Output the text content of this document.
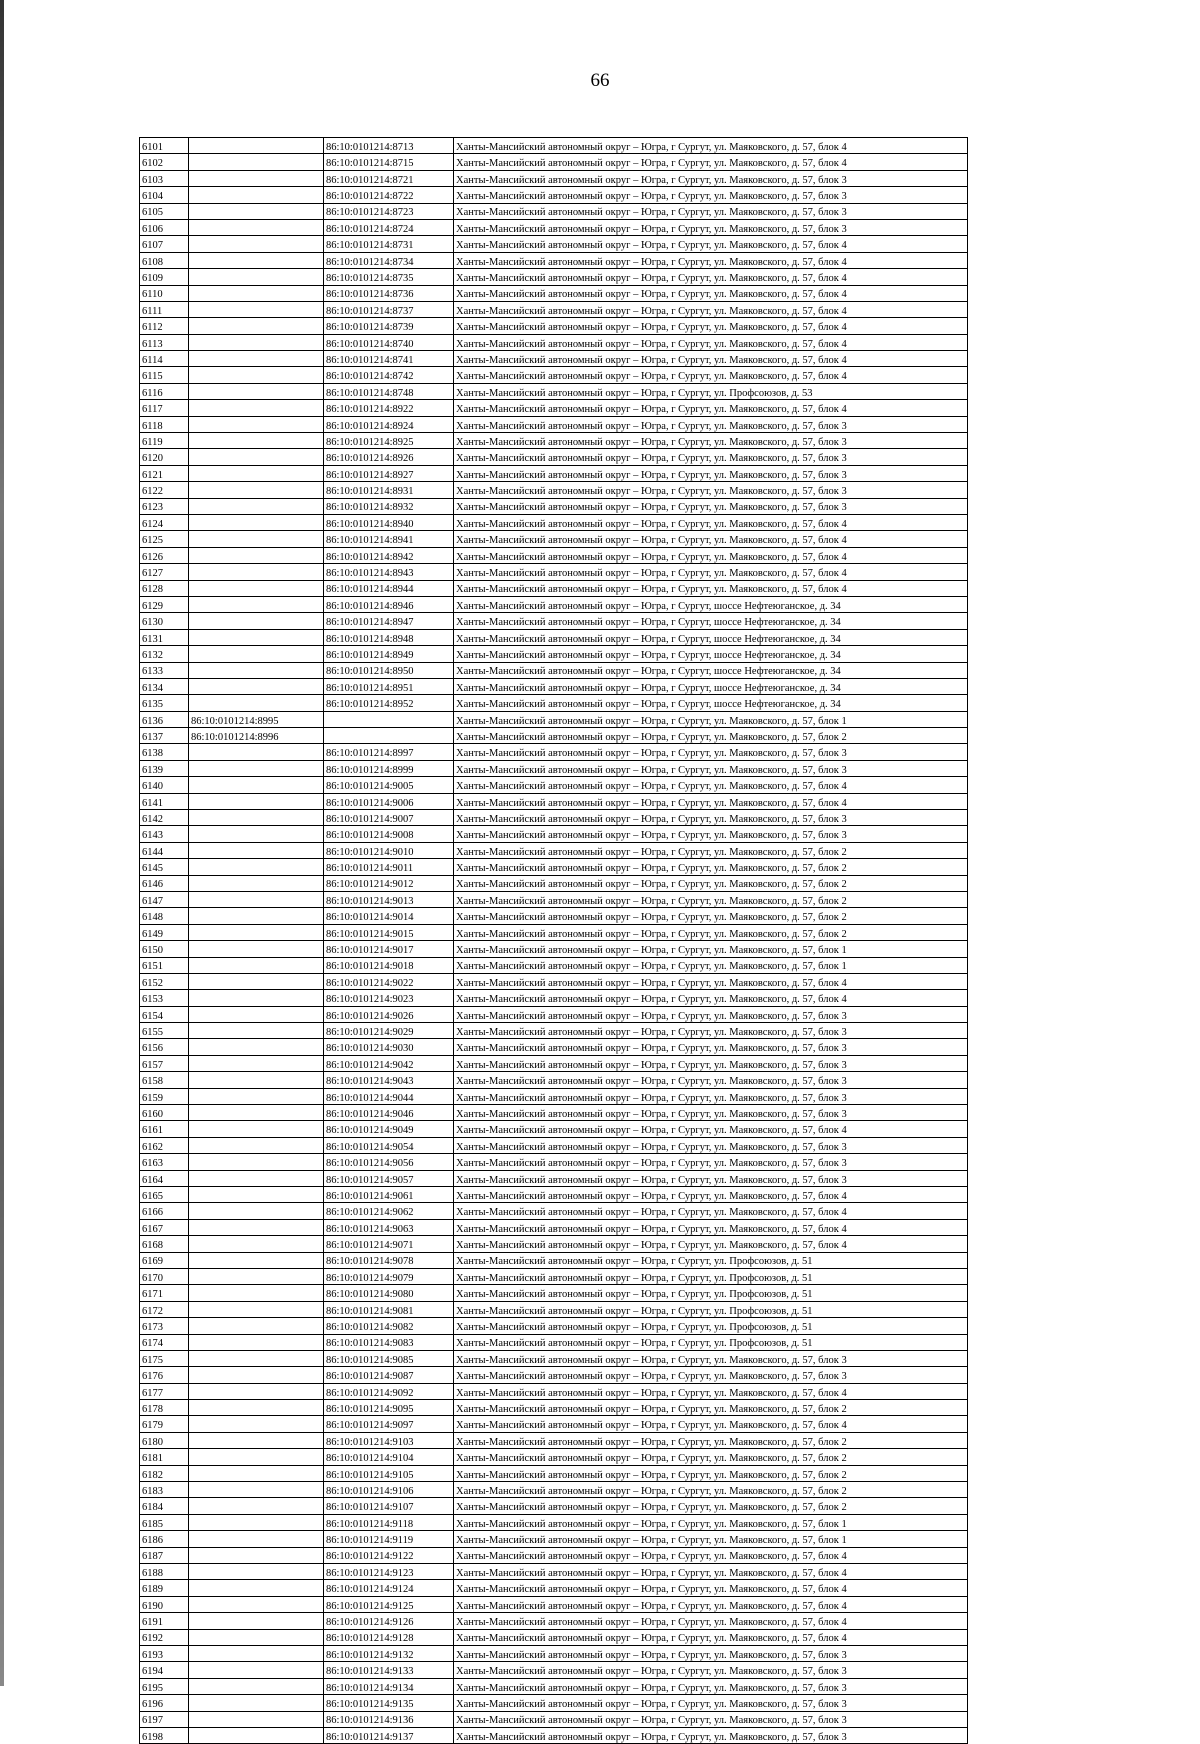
66
6101		86:10:0101214:8713	Ханты-Мансийский автономный округ – Югра, г Сургут, ул. Маяковского, д. 57, блок 4
6102		86:10:0101214:8715	Ханты-Мансийский автономный округ – Югра, г Сургут, ул. Маяковского, д. 57, блок 4
6103		86:10:0101214:8721	Ханты-Мансийский автономный округ – Югра, г Сургут, ул. Маяковского, д. 57, блок 3
6104		86:10:0101214:8722	Ханты-Мансийский автономный округ – Югра, г Сургут, ул. Маяковского, д. 57, блок 3
6105		86:10:0101214:8723	Ханты-Мансийский автономный округ – Югра, г Сургут, ул. Маяковского, д. 57, блок 3
6106		86:10:0101214:8724	Ханты-Мансийский автономный округ – Югра, г Сургут, ул. Маяковского, д. 57, блок 3
6107		86:10:0101214:8731	Ханты-Мансийский автономный округ – Югра, г Сургут, ул. Маяковского, д. 57, блок 4
6108		86:10:0101214:8734	Ханты-Мансийский автономный округ – Югра, г Сургут, ул. Маяковского, д. 57, блок 4
6109		86:10:0101214:8735	Ханты-Мансийский автономный округ – Югра, г Сургут, ул. Маяковского, д. 57, блок 4
6110		86:10:0101214:8736	Ханты-Мансийский автономный округ – Югра, г Сургут, ул. Маяковского, д. 57, блок 4
6111		86:10:0101214:8737	Ханты-Мансийский автономный округ – Югра, г Сургут, ул. Маяковского, д. 57, блок 4
6112		86:10:0101214:8739	Ханты-Мансийский автономный округ – Югра, г Сургут, ул. Маяковского, д. 57, блок 4
6113		86:10:0101214:8740	Ханты-Мансийский автономный округ – Югра, г Сургут, ул. Маяковского, д. 57, блок 4
6114		86:10:0101214:8741	Ханты-Мансийский автономный округ – Югра, г Сургут, ул. Маяковского, д. 57, блок 4
6115		86:10:0101214:8742	Ханты-Мансийский автономный округ – Югра, г Сургут, ул. Маяковского, д. 57, блок 4
6116		86:10:0101214:8748	Ханты-Мансийский автономный округ – Югра, г Сургут, ул. Профсоюзов, д. 53
6117		86:10:0101214:8922	Ханты-Мансийский автономный округ – Югра, г Сургут, ул. Маяковского, д. 57, блок 4
6118		86:10:0101214:8924	Ханты-Мансийский автономный округ – Югра, г Сургут, ул. Маяковского, д. 57, блок 3
6119		86:10:0101214:8925	Ханты-Мансийский автономный округ – Югра, г Сургут, ул. Маяковского, д. 57, блок 3
6120		86:10:0101214:8926	Ханты-Мансийский автономный округ – Югра, г Сургут, ул. Маяковского, д. 57, блок 3
6121		86:10:0101214:8927	Ханты-Мансийский автономный округ – Югра, г Сургут, ул. Маяковского, д. 57, блок 3
6122		86:10:0101214:8931	Ханты-Мансийский автономный округ – Югра, г Сургут, ул. Маяковского, д. 57, блок 3
6123		86:10:0101214:8932	Ханты-Мансийский автономный округ – Югра, г Сургут, ул. Маяковского, д. 57, блок 3
6124		86:10:0101214:8940	Ханты-Мансийский автономный округ – Югра, г Сургут, ул. Маяковского, д. 57, блок 4
6125		86:10:0101214:8941	Ханты-Мансийский автономный округ – Югра, г Сургут, ул. Маяковского, д. 57, блок 4
6126		86:10:0101214:8942	Ханты-Мансийский автономный округ – Югра, г Сургут, ул. Маяковского, д. 57, блок 4
6127		86:10:0101214:8943	Ханты-Мансийский автономный округ – Югра, г Сургут, ул. Маяковского, д. 57, блок 4
6128		86:10:0101214:8944	Ханты-Мансийский автономный округ – Югра, г Сургут, ул. Маяковского, д. 57, блок 4
6129		86:10:0101214:8946	Ханты-Мансийский автономный округ – Югра, г Сургут, шоссе Нефтеюганское, д. 34
6130		86:10:0101214:8947	Ханты-Мансийский автономный округ – Югра, г Сургут, шоссе Нефтеюганское, д. 34
6131		86:10:0101214:8948	Ханты-Мансийский автономный округ – Югра, г Сургут, шоссе Нефтеюганское, д. 34
6132		86:10:0101214:8949	Ханты-Мансийский автономный округ – Югра, г Сургут, шоссе Нефтеюганское, д. 34
6133		86:10:0101214:8950	Ханты-Мансийский автономный округ – Югра, г Сургут, шоссе Нефтеюганское, д. 34
6134		86:10:0101214:8951	Ханты-Мансийский автономный округ – Югра, г Сургут, шоссе Нефтеюганское, д. 34
6135		86:10:0101214:8952	Ханты-Мансийский автономный округ – Югра, г Сургут, шоссе Нефтеюганское, д. 34
6136	86:10:0101214:8995		Ханты-Мансийский автономный округ – Югра, г Сургут, ул. Маяковского, д. 57, блок 1
6137	86:10:0101214:8996		Ханты-Мансийский автономный округ – Югра, г Сургут, ул. Маяковского, д. 57, блок 2
6138		86:10:0101214:8997	Ханты-Мансийский автономный округ – Югра, г Сургут, ул. Маяковского, д. 57, блок 3
6139		86:10:0101214:8999	Ханты-Мансийский автономный округ – Югра, г Сургут, ул. Маяковского, д. 57, блок 3
6140		86:10:0101214:9005	Ханты-Мансийский автономный округ – Югра, г Сургут, ул. Маяковского, д. 57, блок 4
6141		86:10:0101214:9006	Ханты-Мансийский автономный округ – Югра, г Сургут, ул. Маяковского, д. 57, блок 4
6142		86:10:0101214:9007	Ханты-Мансийский автономный округ – Югра, г Сургут, ул. Маяковского, д. 57, блок 3
6143		86:10:0101214:9008	Ханты-Мансийский автономный округ – Югра, г Сургут, ул. Маяковского, д. 57, блок 3
6144		86:10:0101214:9010	Ханты-Мансийский автономный округ – Югра, г Сургут, ул. Маяковского, д. 57, блок 2
6145		86:10:0101214:9011	Ханты-Мансийский автономный округ – Югра, г Сургут, ул. Маяковского, д. 57, блок 2
6146		86:10:0101214:9012	Ханты-Мансийский автономный округ – Югра, г Сургут, ул. Маяковского, д. 57, блок 2
6147		86:10:0101214:9013	Ханты-Мансийский автономный округ – Югра, г Сургут, ул. Маяковского, д. 57, блок 2
6148		86:10:0101214:9014	Ханты-Мансийский автономный округ – Югра, г Сургут, ул. Маяковского, д. 57, блок 2
6149		86:10:0101214:9015	Ханты-Мансийский автономный округ – Югра, г Сургут, ул. Маяковского, д. 57, блок 2
6150		86:10:0101214:9017	Ханты-Мансийский автономный округ – Югра, г Сургут, ул. Маяковского, д. 57, блок 1
6151		86:10:0101214:9018	Ханты-Мансийский автономный округ – Югра, г Сургут, ул. Маяковского, д. 57, блок 1
6152		86:10:0101214:9022	Ханты-Мансийский автономный округ – Югра, г Сургут, ул. Маяковского, д. 57, блок 4
6153		86:10:0101214:9023	Ханты-Мансийский автономный округ – Югра, г Сургут, ул. Маяковского, д. 57, блок 4
6154		86:10:0101214:9026	Ханты-Мансийский автономный округ – Югра, г Сургут, ул. Маяковского, д. 57, блок 3
6155		86:10:0101214:9029	Ханты-Мансийский автономный округ – Югра, г Сургут, ул. Маяковского, д. 57, блок 3
6156		86:10:0101214:9030	Ханты-Мансийский автономный округ – Югра, г Сургут, ул. Маяковского, д. 57, блок 3
6157		86:10:0101214:9042	Ханты-Мансийский автономный округ – Югра, г Сургут, ул. Маяковского, д. 57, блок 3
6158		86:10:0101214:9043	Ханты-Мансийский автономный округ – Югра, г Сургут, ул. Маяковского, д. 57, блок 3
6159		86:10:0101214:9044	Ханты-Мансийский автономный округ – Югра, г Сургут, ул. Маяковского, д. 57, блок 3
6160		86:10:0101214:9046	Ханты-Мансийский автономный округ – Югра, г Сургут, ул. Маяковского, д. 57, блок 3
6161		86:10:0101214:9049	Ханты-Мансийский автономный округ – Югра, г Сургут, ул. Маяковского, д. 57, блок 4
6162		86:10:0101214:9054	Ханты-Мансийский автономный округ – Югра, г Сургут, ул. Маяковского, д. 57, блок 3
6163		86:10:0101214:9056	Ханты-Мансийский автономный округ – Югра, г Сургут, ул. Маяковского, д. 57, блок 3
6164		86:10:0101214:9057	Ханты-Мансийский автономный округ – Югра, г Сургут, ул. Маяковского, д. 57, блок 3
6165		86:10:0101214:9061	Ханты-Мансийский автономный округ – Югра, г Сургут, ул. Маяковского, д. 57, блок 4
6166		86:10:0101214:9062	Ханты-Мансийский автономный округ – Югра, г Сургут, ул. Маяковского, д. 57, блок 4
6167		86:10:0101214:9063	Ханты-Мансийский автономный округ – Югра, г Сургут, ул. Маяковского, д. 57, блок 4
6168		86:10:0101214:9071	Ханты-Мансийский автономный округ – Югра, г Сургут, ул. Маяковского, д. 57, блок 4
6169		86:10:0101214:9078	Ханты-Мансийский автономный округ – Югра, г Сургут, ул. Профсоюзов, д. 51
6170		86:10:0101214:9079	Ханты-Мансийский автономный округ – Югра, г Сургут, ул. Профсоюзов, д. 51
6171		86:10:0101214:9080	Ханты-Мансийский автономный округ – Югра, г Сургут, ул. Профсоюзов, д. 51
6172		86:10:0101214:9081	Ханты-Мансийский автономный округ – Югра, г Сургут, ул. Профсоюзов, д. 51
6173		86:10:0101214:9082	Ханты-Мансийский автономный округ – Югра, г Сургут, ул. Профсоюзов, д. 51
6174		86:10:0101214:9083	Ханты-Мансийский автономный округ – Югра, г Сургут, ул. Профсоюзов, д. 51
6175		86:10:0101214:9085	Ханты-Мансийский автономный округ – Югра, г Сургут, ул. Маяковского, д. 57, блок 3
6176		86:10:0101214:9087	Ханты-Мансийский автономный округ – Югра, г Сургут, ул. Маяковского, д. 57, блок 3
6177		86:10:0101214:9092	Ханты-Мансийский автономный округ – Югра, г Сургут, ул. Маяковского, д. 57, блок 4
6178		86:10:0101214:9095	Ханты-Мансийский автономный округ – Югра, г Сургут, ул. Маяковского, д. 57, блок 2
6179		86:10:0101214:9097	Ханты-Мансийский автономный округ – Югра, г Сургут, ул. Маяковского, д. 57, блок 4
6180		86:10:0101214:9103	Ханты-Мансийский автономный округ – Югра, г Сургут, ул. Маяковского, д. 57, блок 2
6181		86:10:0101214:9104	Ханты-Мансийский автономный округ – Югра, г Сургут, ул. Маяковского, д. 57, блок 2
6182		86:10:0101214:9105	Ханты-Мансийский автономный округ – Югра, г Сургут, ул. Маяковского, д. 57, блок 2
6183		86:10:0101214:9106	Ханты-Мансийский автономный округ – Югра, г Сургут, ул. Маяковского, д. 57, блок 2
6184		86:10:0101214:9107	Ханты-Мансийский автономный округ – Югра, г Сургут, ул. Маяковского, д. 57, блок 2
6185		86:10:0101214:9118	Ханты-Мансийский автономный округ – Югра, г Сургут, ул. Маяковского, д. 57, блок 1
6186		86:10:0101214:9119	Ханты-Мансийский автономный округ – Югра, г Сургут, ул. Маяковского, д. 57, блок 1
6187		86:10:0101214:9122	Ханты-Мансийский автономный округ – Югра, г Сургут, ул. Маяковского, д. 57, блок 4
6188		86:10:0101214:9123	Ханты-Мансийский автономный округ – Югра, г Сургут, ул. Маяковского, д. 57, блок 4
6189		86:10:0101214:9124	Ханты-Мансийский автономный округ – Югра, г Сургут, ул. Маяковского, д. 57, блок 4
6190		86:10:0101214:9125	Ханты-Мансийский автономный округ – Югра, г Сургут, ул. Маяковского, д. 57, блок 4
6191		86:10:0101214:9126	Ханты-Мансийский автономный округ – Югра, г Сургут, ул. Маяковского, д. 57, блок 4
6192		86:10:0101214:9128	Ханты-Мансийский автономный округ – Югра, г Сургут, ул. Маяковского, д. 57, блок 4
6193		86:10:0101214:9132	Ханты-Мансийский автономный округ – Югра, г Сургут, ул. Маяковского, д. 57, блок 3
6194		86:10:0101214:9133	Ханты-Мансийский автономный округ – Югра, г Сургут, ул. Маяковского, д. 57, блок 3
6195		86:10:0101214:9134	Ханты-Мансийский автономный округ – Югра, г Сургут, ул. Маяковского, д. 57, блок 3
6196		86:10:0101214:9135	Ханты-Мансийский автономный округ – Югра, г Сургут, ул. Маяковского, д. 57, блок 3
6197		86:10:0101214:9136	Ханты-Мансийский автономный округ – Югра, г Сургут, ул. Маяковского, д. 57, блок 3
6198		86:10:0101214:9137	Ханты-Мансийский автономный округ – Югра, г Сургут, ул. Маяковского, д. 57, блок 3
